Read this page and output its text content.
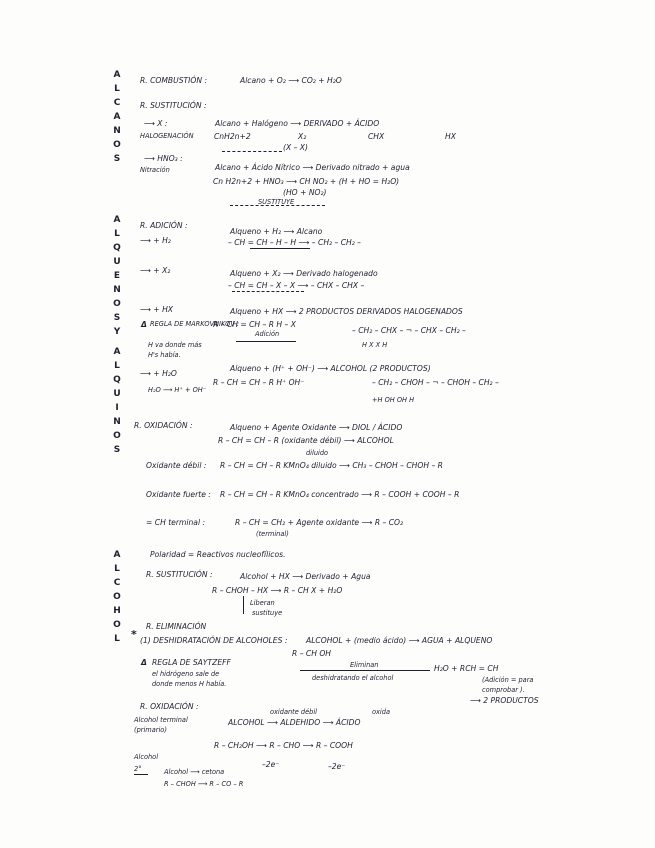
A
L
C
A
N
O
S
A
L
Q
U
E
N
O
S
Y
A
L
Q
U
I
N
O
S
A
L
C
O
H
O
L
R. COMBUSTIÓN :	Alcano + O₂ ⟶ CO₂ + H₂O
R. SUSTITUCIÓN :
⟶ X :
HALOGENACIÓN
Alcano + Halógeno ⟶ DERIVADO + ÁCIDO
CnH2n+2	X₂	CHX	HX
(X – X)
⟶ HNO₃ :
Nitración	Alcano + Ácido Nítrico ⟶ Derivado nitrado + agua
Cn H2n+2 + HNO₃ ⟶ CH NO₂ + (H + HO = H₂O)
(HO + NO₂)
SUSTITUYE
R. ADICIÓN :
⟶ + H₂
Alqueno + H₂ ⟶ Alcano
– CH = CH – H – H ⟶ – CH₂ – CH₂ –
⟶ + X₂	Alqueno + X₂ ⟶ Derivado halogenado
– CH = CH – X – X ⟶ – CHX – CHX –
⟶ + HX	Alqueno + HX ⟶ 2 PRODUCTOS DERIVADOS HALOGENADOS
R – CH = CH – R H – X
– CH₂ – CHX – ¬ – CHX – CH₂ –
H X X H
Adición
Δ REGLA DE MARKOVNIKOV :
H va donde más
H's había.
⟶ + H₂O
H₂O ⟶ H⁺ + OH⁻
Alqueno + (H⁺ + OH⁻) ⟶ ALCOHOL (2 PRODUCTOS)
R – CH = CH – R H⁺ OH⁻	– CH₂ – CHOH – ¬ – CHOH – CH₂ –
+H OH OH H
R. OXIDACIÓN :	Alqueno + Agente Oxidante ⟶ DIOL / ÁCIDO
R – CH = CH – R (oxidante débil) ⟶ ALCOHOL
diluido
Oxidante débil : R – CH = CH – R KMnO₄ diluido ⟶ CH₃ – CHOH – CHOH – R
Oxidante fuerte : R – CH = CH – R KMnO₄ concentrado ⟶ R – COOH + COOH – R
= CH terminal :	R – CH = CH₂ + Agente oxidante ⟶ R – CO₂
(terminal)
Polaridad = Reactivos nucleofílicos.
R. SUSTITUCIÓN :	Alcohol + HX ⟶ Derivado + Agua
R – CHOH – HX ⟶ R – CH X + H₂O
Liberan
sustituye
R. ELIMINACIÓN
* (1) DESHIDRATACIÓN DE ALCOHOLES : ALCOHOL + (medio ácido) ⟶ AGUA + ALQUENO
R – CH OH
Eliminan
deshidratando el alcohol
H₂O + RCH = CH
(Adición = para
comprobar ).
⟶ 2 PRODUCTOS
Δ REGLA DE SAYTZEFF
el hidrógeno sale de
donde menos H había.
R. OXIDACIÓN :
Alcohol terminal
(primario)
oxidante débil	oxida
ALCOHOL ⟶ ALDEHIDO ⟶ ÁCIDO
R – CH₂OH ⟶ R – CHO ⟶ R – COOH
–2e⁻	–2e⁻
Alcohol
2°	Alcohol ⟶ cetona
R – CHOH ⟶ R – CO – R
